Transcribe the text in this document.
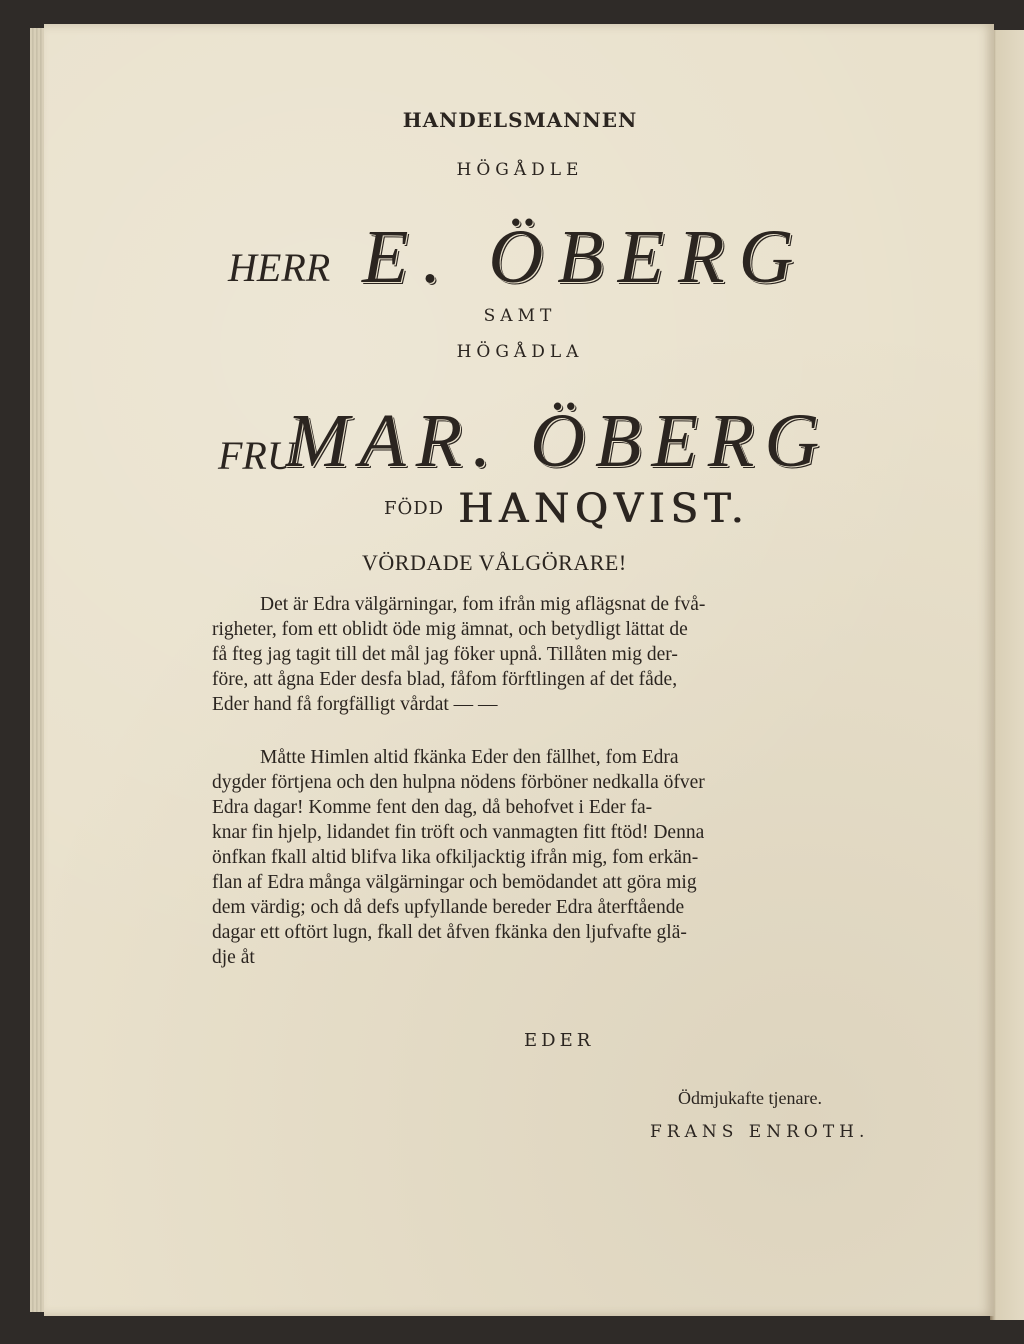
HANDELSMANNEN
HÖGÅDLE
HERR E. ÖBERG
SAMT
HÖGÅDLA
FRU
MAR. ÖBERG
FÖDD HANQVIST.
VÖRDADE VÅLGÖRARE!
Det är Edra välgärningar, fom ifrån mig aflägsnat de fvå-
righeter, fom ett oblidt öde mig ämnat, och betydligt lättat de
få fteg jag tagit till det mål jag föker upnå. Tillåten mig der-
före, att ågna Eder desfa blad, fåfom förftlingen af det fåde,
Eder hand få forgfälligt vårdat — —
Måtte Himlen altid fkänka Eder den fällhet, fom Edra
dygder förtjena och den hulpna nödens förböner nedkalla öfver
Edra dagar! Komme fent den dag, då behofvet i Eder fa-
knar fin hjelp, lidandet fin tröft och vanmagten fitt ftöd! Denna
önfkan fkall altid blifva lika ofkiljacktig ifrån mig, fom erkän-
flan af Edra många välgärningar och bemödandet att göra mig
dem värdig; och då defs upfyllande bereder Edra återftående
dagar ett oftört lugn, fkall det åfven fkänka den ljufvafte glä-
dje åt
EDER
Ödmjukafte tjenare.
FRANS ENROTH.
